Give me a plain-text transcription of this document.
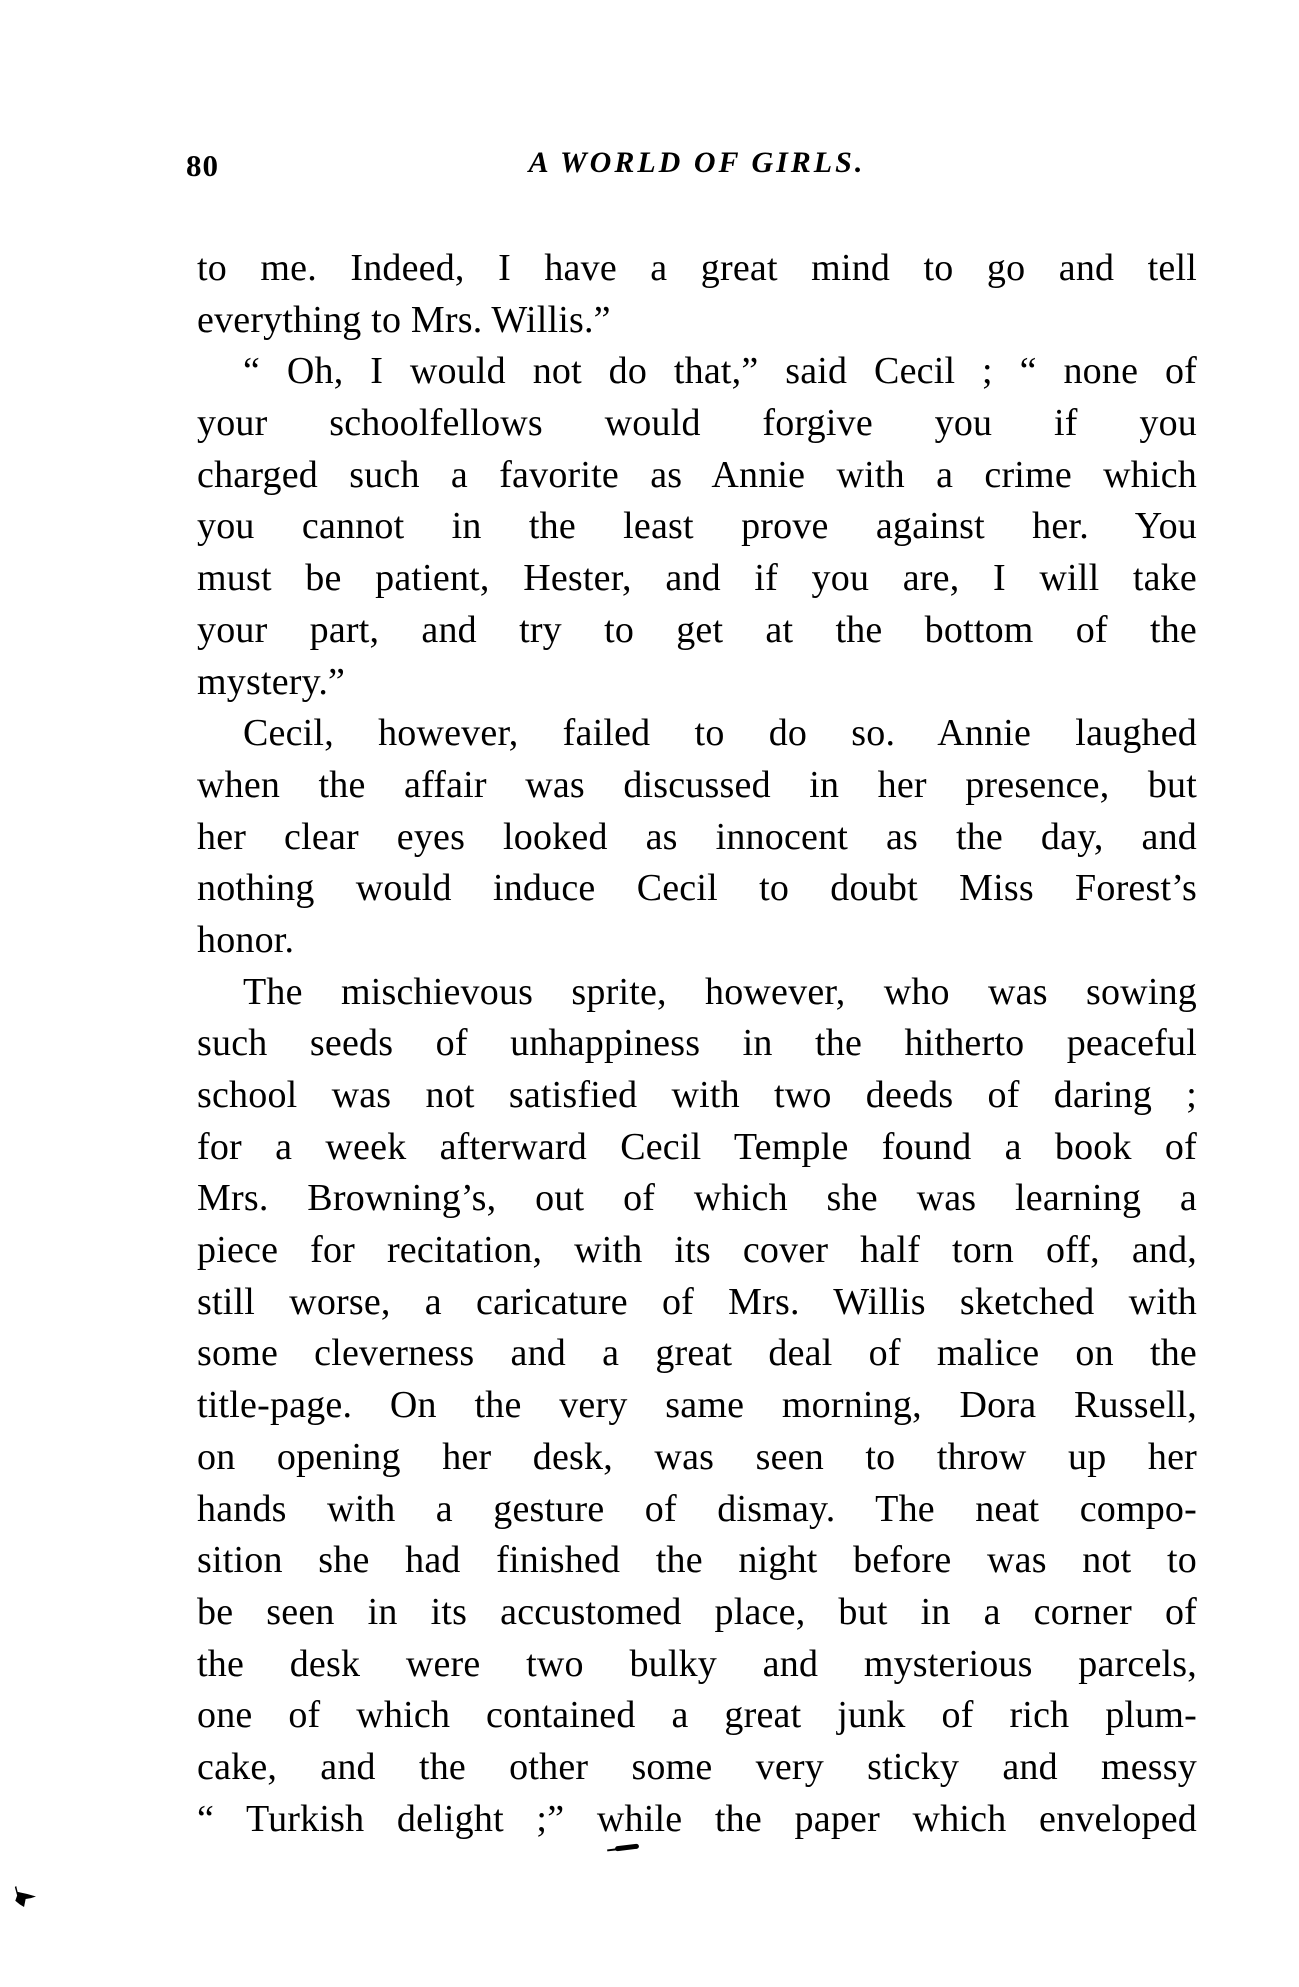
80	A WORLD OF GIRLS.
to me. Indeed, I have a great mind to go and tell
everything to Mrs. Willis.”
“ Oh, I would not do that,” said Cecil ; “ none of
your schoolfellows would forgive you if you
charged such a favorite as Annie with a crime which
you cannot in the least prove against her. You
must be patient, Hester, and if you are, I will take
your part, and try to get at the bottom of the
mystery.”
Cecil, however, failed to do so. Annie laughed
when the affair was discussed in her presence, but
her clear eyes looked as innocent as the day, and
nothing would induce Cecil to doubt Miss Forest’s
honor.
The mischievous sprite, however, who was sowing
such seeds of unhappiness in the hitherto peaceful
school was not satisfied with two deeds of daring ;
for a week afterward Cecil Temple found a book of
Mrs. Browning’s, out of which she was learning a
piece for recitation, with its cover half torn off, and,
still worse, a caricature of Mrs. Willis sketched with
some cleverness and a great deal of malice on the
title-page. On the very same morning, Dora Russell,
on opening her desk, was seen to throw up her
hands with a gesture of dismay. The neat compo-
sition she had finished the night before was not to
be seen in its accustomed place, but in a corner of
the desk were two bulky and mysterious parcels,
one of which contained a great junk of rich plum-
cake, and the other some very sticky and messy
“ Turkish delight ;” while the paper which enveloped
